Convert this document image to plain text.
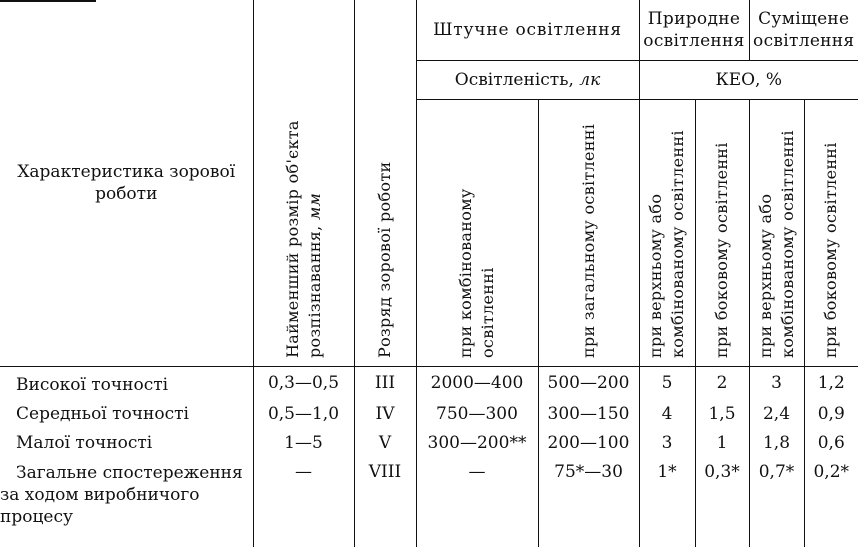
Характеристика зорової роботи	Найменший розмір об'єкта розпізнавання, мм	Розряд зорової роботи	Штучне освітлення		Приpодне освітлення		Суміщене освітлення	
			Освітленість, лк		КЕО, %			

			при комбінованому освітленні	при загальному освітленні	при верхньому або комбінованому освітленні	при боковому освітленні	при верхньому або комбінованому освітленні	при боковому освітленні

Високої точності	0,3—0,5	III	2000—400	500—200	5	2	3	1,2
Середньої точності	0,5—1,0	IV	750—300	300—150	4	1,5	2,4	0,9
Малої точності	1—5	V	300—200**	200—100	3	1	1,8	0,6

Загальне спостереження
за ходом виробничого
процесу	—	VIII	—	75*—30	1*	0,3*	0,7*	0,2*
